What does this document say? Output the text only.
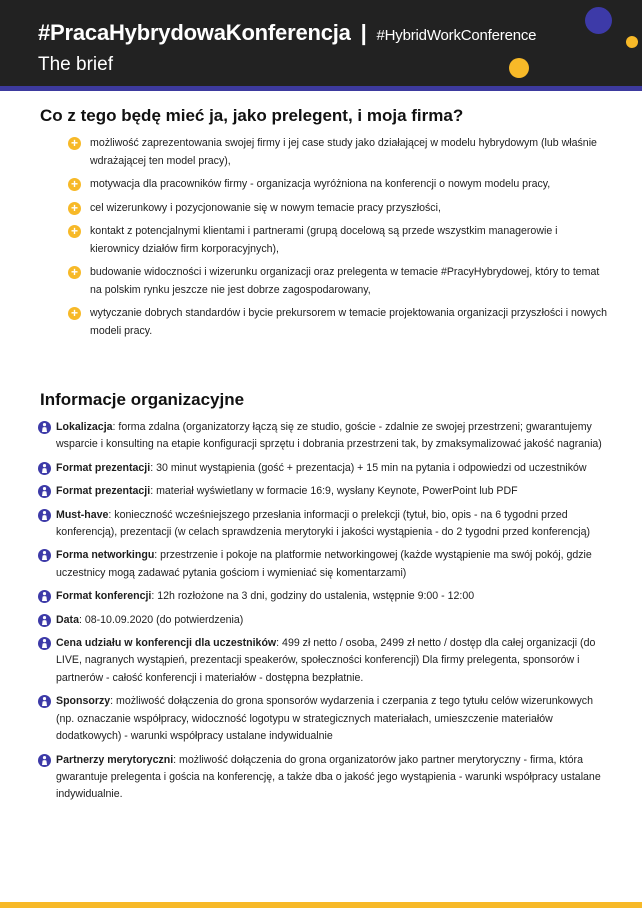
#PracaHybrydowaKonferencja | #HybridWorkConference
The brief
Co z tego będę mieć ja, jako prelegent, i moja firma?
+ możliwość zaprezentowania swojej firmy i jej case study jako działającej w modelu hybrydowym (lub właśnie wdrażającej ten model pracy),
+ motywacja dla pracowników firmy - organizacja wyróżniona na konferencji o nowym modelu pracy,
+ cel wizerunkowy i pozycjonowanie się w nowym temacie pracy przyszłości,
+ kontakt z potencjalnymi klientami i partnerami (grupą docelową są przede wszystkim managerowie i kierownicy działów firm korporacyjnych),
+ budowanie widoczności i wizerunku organizacji oraz prelegenta w temacie #PracyHybrydowej, który to temat na polskim rynku jeszcze nie jest dobrze zagospodarowany,
+ wytyczanie dobrych standardów i bycie prekursorem w temacie projektowania organizacji przyszłości i nowych modeli pracy.
Informacje organizacyjne
Lokalizacja: forma zdalna (organizatorzy łączą się ze studio, goście - zdalnie ze swojej przestrzeni; gwarantujemy wsparcie i konsulting na etapie konfiguracji sprzętu i dobrania przestrzeni tak, by zmaksymalizować jakość nagrania)
Format prezentacji: 30 minut wystąpienia (gość + prezentacja) + 15 min na pytania i odpowiedzi od uczestników
Format prezentacji: materiał wyświetlany w formacie 16:9, wysłany Keynote, PowerPoint lub PDF
Must-have: konieczność wcześniejszego przesłania informacji o prelekcji (tytuł, bio, opis - na 6 tygodni przed konferencją), prezentacji (w celach sprawdzenia merytoryki i jakości wystąpienia - do 2 tygodni przed konferencją)
Forma networkingu: przestrzenie i pokoje na platformie networkingowej (każde wystąpienie ma swój pokój, gdzie uczestnicy mogą zadawać pytania gościom i wymieniać się komentarzami)
Format konferencji: 12h rozłożone na 3 dni, godziny do ustalenia, wstępnie 9:00 - 12:00
Data: 08-10.09.2020 (do potwierdzenia)
Cena udziału w konferencji dla uczestników: 499 zł netto / osoba, 2499 zł netto / dostęp dla całej organizacji (do LIVE, nagranych wystąpień, prezentacji speakerów, społeczności konferencji) Dla firmy prelegenta, sponsorów i partnerów - całość konferencji i materiałów - dostępna bezpłatnie.
Sponsorzy: możliwość dołączenia do grona sponsorów wydarzenia i czerpania z tego tytułu celów wizerunkowych (np. oznaczanie współpracy, widoczność logotypu w strategicznych materiałach, umieszczenie materiałów dodatkowych) - warunki współpracy ustalane indywidualnie
Partnerzy merytoryczni: możliwość dołączenia do grona organizatorów jako partner merytoryczny - firma, która gwarantuje prelegenta i gościa na konferencję, a także dba o jakość jego wystąpienia - warunki współpracy ustalane indywidualnie.
